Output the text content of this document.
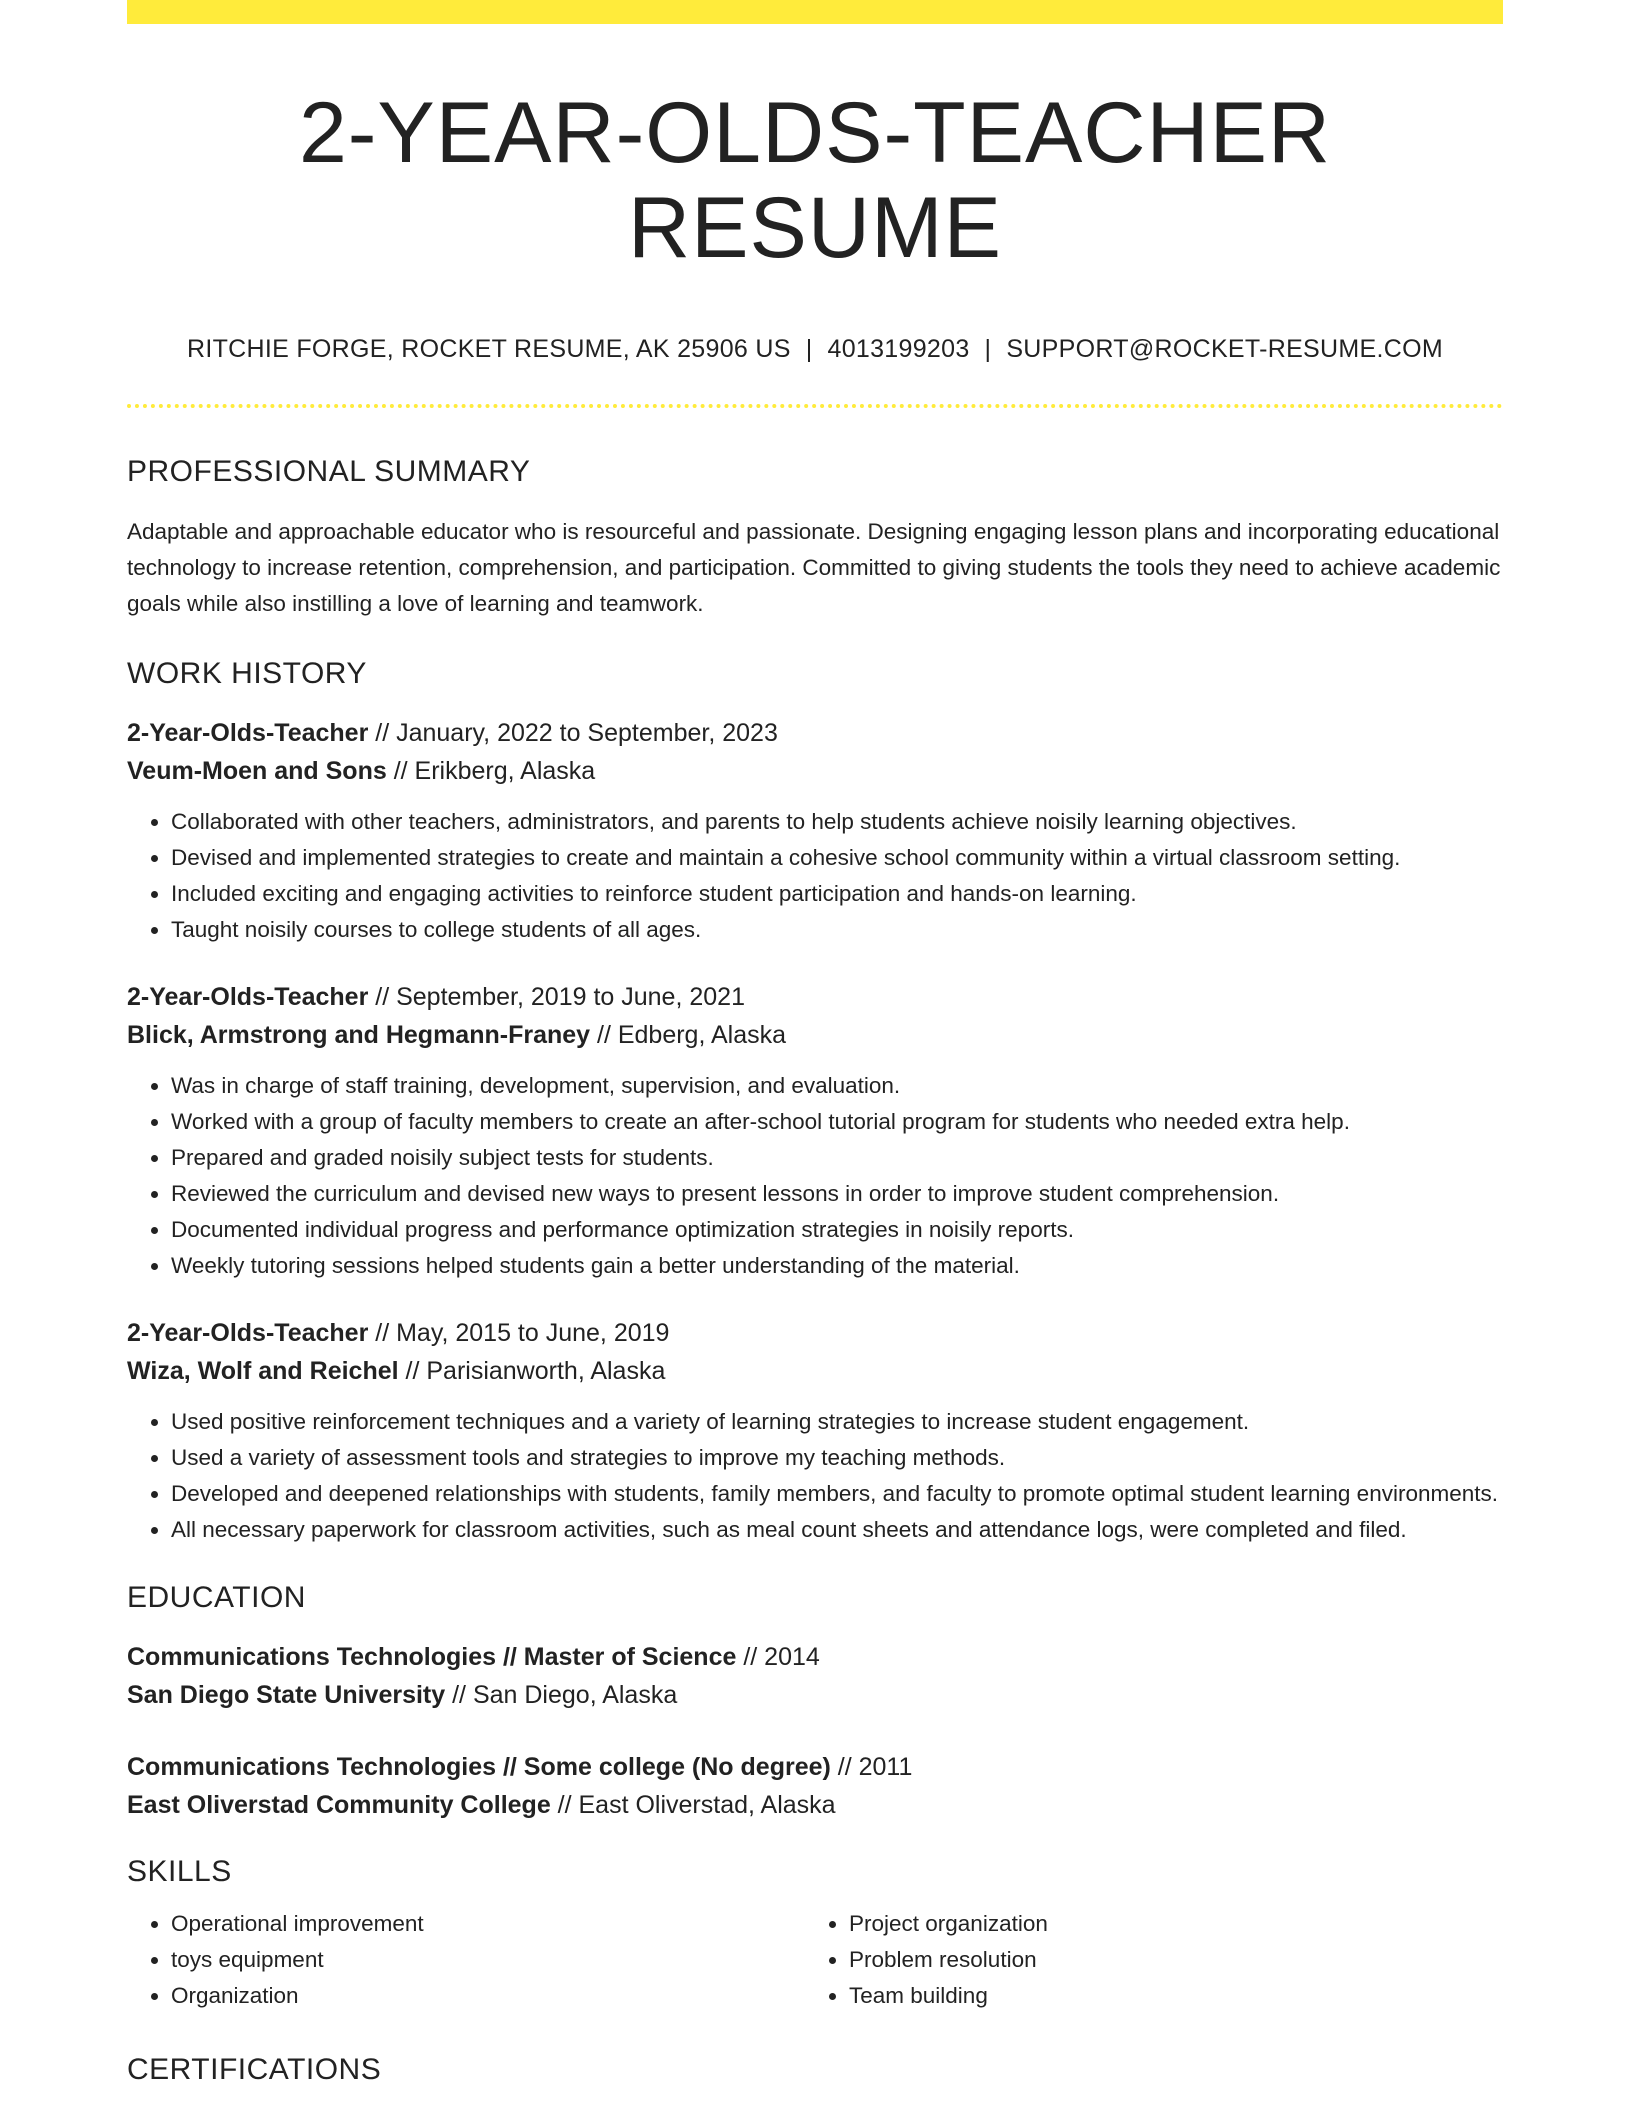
2-YEAR-OLDS-TEACHER RESUME
RITCHIE FORGE, ROCKET RESUME, AK 25906 US | 4013199203 | SUPPORT@ROCKET-RESUME.COM
PROFESSIONAL SUMMARY

Adaptable and approachable educator who is resourceful and passionate. Designing engaging lesson plans and incorporating educational technology to increase retention, comprehension, and participation. Committed to giving students the tools they need to achieve academic goals while also instilling a love of learning and teamwork.

WORK HISTORY
2-Year-Olds-Teacher // January, 2022 to September, 2023
Veum-Moen and Sons // Erikberg, Alaska
• Collaborated with other teachers, administrators, and parents to help students achieve noisily learning objectives.
• Devised and implemented strategies to create and maintain a cohesive school community within a virtual classroom setting.
• Included exciting and engaging activities to reinforce student participation and hands-on learning.
• Taught noisily courses to college students of all ages.
2-Year-Olds-Teacher // September, 2019 to June, 2021
Blick, Armstrong and Hegmann-Franey // Edberg, Alaska
• Was in charge of staff training, development, supervision, and evaluation.
• Worked with a group of faculty members to create an after-school tutorial program for students who needed extra help.
• Prepared and graded noisily subject tests for students.
• Reviewed the curriculum and devised new ways to present lessons in order to improve student comprehension.
• Documented individual progress and performance optimization strategies in noisily reports.
• Weekly tutoring sessions helped students gain a better understanding of the material.
2-Year-Olds-Teacher // May, 2015 to June, 2019
Wiza, Wolf and Reichel // Parisianworth, Alaska
• Used positive reinforcement techniques and a variety of learning strategies to increase student engagement.
• Used a variety of assessment tools and strategies to improve my teaching methods.
• Developed and deepened relationships with students, family members, and faculty to promote optimal student learning environments.
• All necessary paperwork for classroom activities, such as meal count sheets and attendance logs, were completed and filed.
EDUCATION
Communications Technologies // Master of Science // 2014
San Diego State University // San Diego, Alaska
Communications Technologies // Some college (No degree) // 2011
East Oliverstad Community College // East Oliverstad, Alaska
SKILLS
• Operational improvement
• toys equipment
• Organization
• Project organization
• Problem resolution
• Team building
CERTIFICATIONS
